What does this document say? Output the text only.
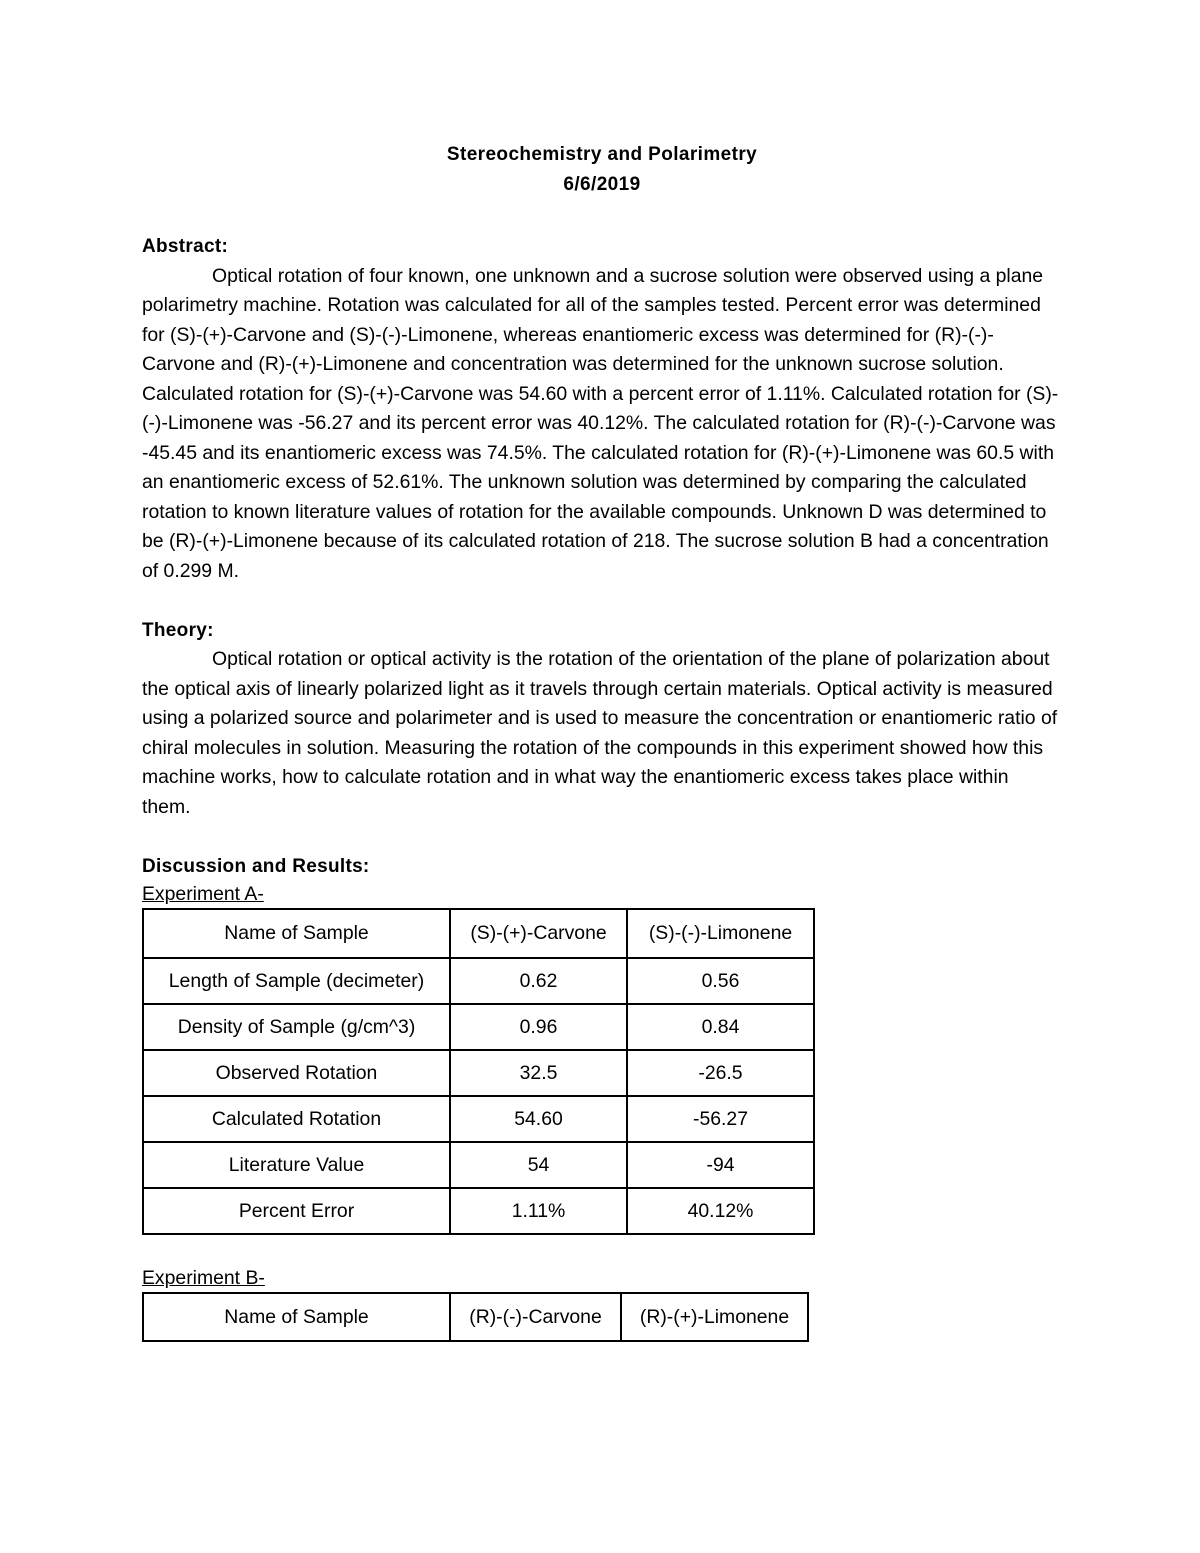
Stereochemistry and Polarimetry
6/6/2019
Abstract:

Optical rotation of four known, one unknown and a sucrose solution were observed using a plane polarimetry machine. Rotation was calculated for all of the samples tested. Percent error was determined for (S)-(+)-Carvone and (S)-(-)-Limonene, whereas enantiomeric excess was determined for (R)-(-)-Carvone and (R)-(+)-Limonene and concentration was determined for the unknown sucrose solution. Calculated rotation for (S)-(+)-Carvone was 54.60 with a percent error of 1.11%. Calculated rotation for (S)-(-)-Limonene was -56.27 and its percent error was 40.12%. The calculated rotation for (R)-(-)-Carvone was -45.45 and its enantiomeric excess was 74.5%. The calculated rotation for (R)-(+)-Limonene was 60.5 with an enantiomeric excess of 52.61%. The unknown solution was determined by comparing the calculated rotation to known literature values of rotation for the available compounds. Unknown D was determined to be (R)-(+)-Limonene because of its calculated rotation of 218. The sucrose solution B had a concentration of 0.299 M.

Theory:

Optical rotation or optical activity is the rotation of the orientation of the plane of polarization about the optical axis of linearly polarized light as it travels through certain materials. Optical activity is measured using a polarized source and polarimeter and is used to measure the concentration or enantiomeric ratio of chiral molecules in solution. Measuring the rotation of the compounds in this experiment showed how this machine works, how to calculate rotation and in what way the enantiomeric excess takes place within them.

Discussion and Results:
Experiment A-
Name of Sample	(S)-(+)-Carvone	(S)-(-)-Limonene
Length of Sample (decimeter)	0.62	0.56
Density of Sample (g/cm^3)	0.96	0.84
Observed Rotation	32.5	-26.5
Calculated Rotation	54.60	-56.27
Literature Value	54	-94
Percent Error	1.11%	40.12%
Experiment B-
Name of Sample	(R)-(-)-Carvone	(R)-(+)-Limonene
